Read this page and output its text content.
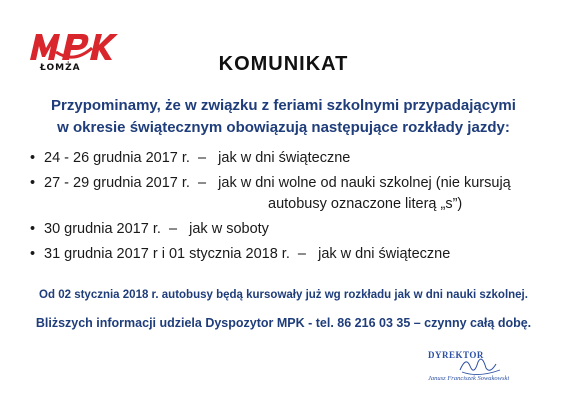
ŁOMŻA	KOMUNIKAT
Przypominamy, że w związku z feriami szkolnymi przypadającymi
w okresie świątecznym obowiązują następujące rozkłady jazdy:
• 24 - 26 grudnia 2017 r. – jak w dni świąteczne
• 27 - 29 grudnia 2017 r. – jak w dni wolne od nauki szkolnej (nie kursują
autobusy oznaczone literą „s”)
• 30 grudnia 2017 r. – jak w soboty
• 31 grudnia 2017 r i 01 stycznia 2018 r. – jak w dni świąteczne
Od 02 stycznia 2018 r. autobusy będą kursowały już wg rozkładu jak w dni nauki szkolnej.
Bliższych informacji udziela Dyspozytor MPK - tel. 86 216 03 35 – czynny całą dobę.
DYREKTOR
Janusz Franciszek Sowakowski
